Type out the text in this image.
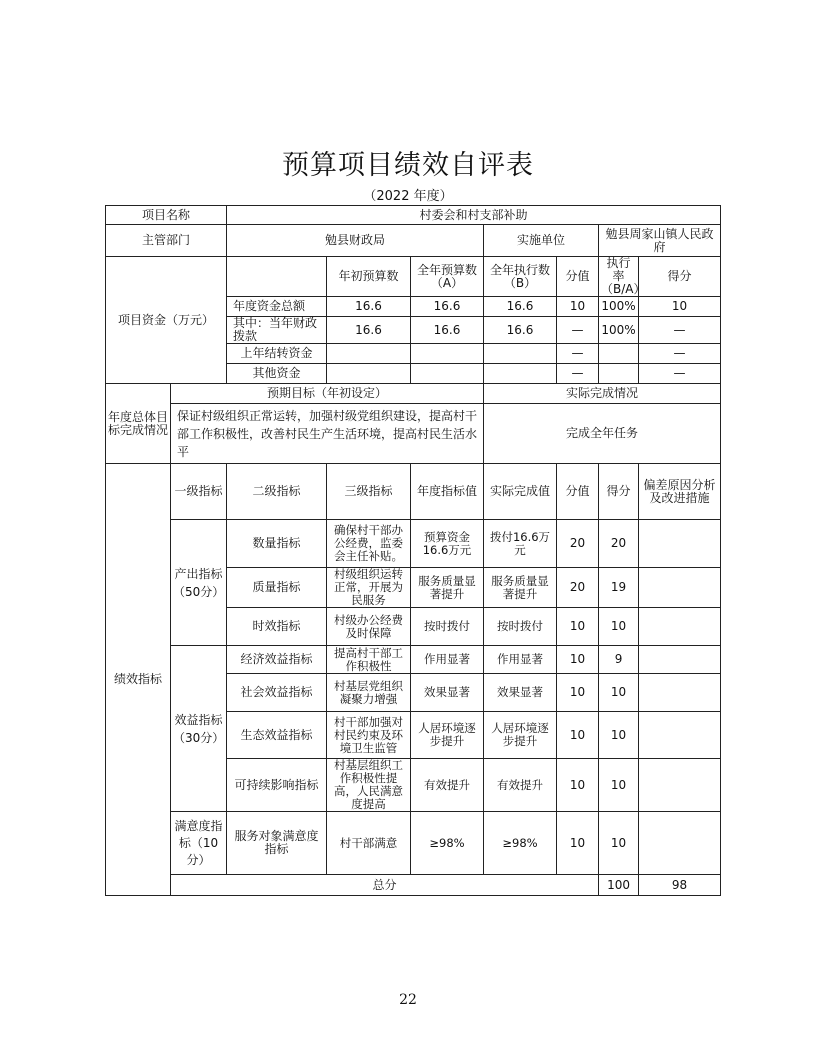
预算项目绩效自评表
（2022 年度）
项目名称		村委会和村支部补助							
主管部门		勉县财政局			实施单位		勉县周家山镇人民政府		
项目资金（万元）			年初预算数	全年预算数（A）	全年执行数（B）	分值	执行率（B/A）	得分	
		年度资金总额	16.6	16.6	16.6	10	100%	10	
		其中：当年财政拨款	16.6	16.6	16.6	—	100%	—	
		上年结转资金				—		—	
		其他资金				—		—	
年度总体目标完成情况	预期目标（年初设定）				实际完成情况				
	保证村级组织正常运转，加强村级党组织建设，提高村干部工作积极性，改善村民生产生活环境，提高村民生活水平				完成全年任务				
绩效指标	一级指标	二级指标	三级指标	年度指标值	实际完成值	分值	得分	偏差原因分析及改进措施	
	产出指标（50分）	数量指标	确保村干部办公经费，监委会主任补贴。	预算资金16.6万元	拨付16.6万元	20	20		
		质量指标	村级组织运转正常，开展为民服务	服务质量显著提升	服务质量显著提升	20	19		
		时效指标	村级办公经费及时保障	按时拨付	按时拨付	10	10		
	效益指标（30分）	经济效益指标	提高村干部工作积极性	作用显著	作用显著	10	9		
		社会效益指标	村基层党组织凝聚力增强	效果显著	效果显著	10	10		
		生态效益指标	村干部加强对村民约束及环境卫生监管	人居环境逐步提升	人居环境逐步提升	10	10		
		可持续影响指标	村基层组织工作积极性提高，人民满意度提高	有效提升	有效提升	10	10		
	满意度指标（10分）	服务对象满意度指标	村干部满意	≥98%	≥98%	10	10		
	总分						100	98	
22
